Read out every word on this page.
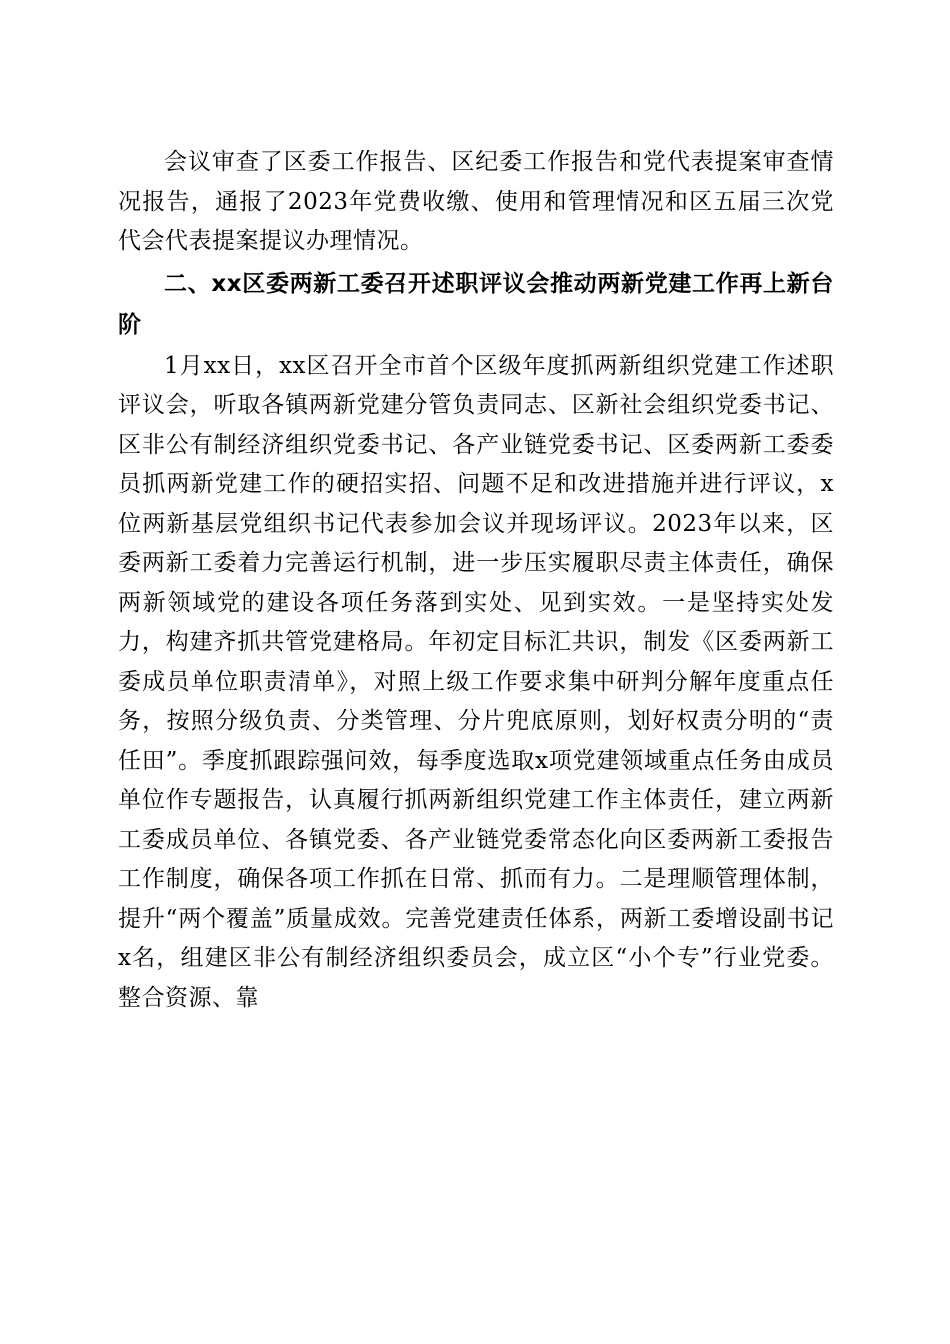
会议审查了区委工作报告、区纪委工作报告和党代表提案审查情况报告，通报了2023年党费收缴、使用和管理情况和区五届三次党代会代表提案提议办理情况。

二、xx区委两新工委召开述职评议会推动两新党建工作再上新台阶

1月xx日，xx区召开全市首个区级年度抓两新组织党建工作述职评议会，听取各镇两新党建分管负责同志、区新社会组织党委书记、区非公有制经济组织党委书记、各产业链党委书记、区委两新工委委员抓两新党建工作的硬招实招、问题不足和改进措施并进行评议，x位两新基层党组织书记代表参加会议并现场评议。2023年以来，区委两新工委着力完善运行机制，进一步压实履职尽责主体责任，确保两新领域党的建设各项任务落到实处、见到实效。一是坚持实处发力，构建齐抓共管党建格局。年初定目标汇共识，制发《区委两新工委成员单位职责清单》，对照上级工作要求集中研判分解年度重点任务，按照分级负责、分类管理、分片兜底原则，划好权责分明的“责任田”。季度抓跟踪强问效，每季度选取x项党建领域重点任务由成员单位作专题报告，认真履行抓两新组织党建工作主体责任，建立两新工委成员单位、各镇党委、各产业链党委常态化向区委两新工委报告工作制度，确保各项工作抓在日常、抓而有力。二是理顺管理体制，提升“两个覆盖”质量成效。完善党建责任体系，两新工委增设副书记x名，组建区非公有制经济组织委员会，成立区“小个专”行业党委。整合资源、靠
